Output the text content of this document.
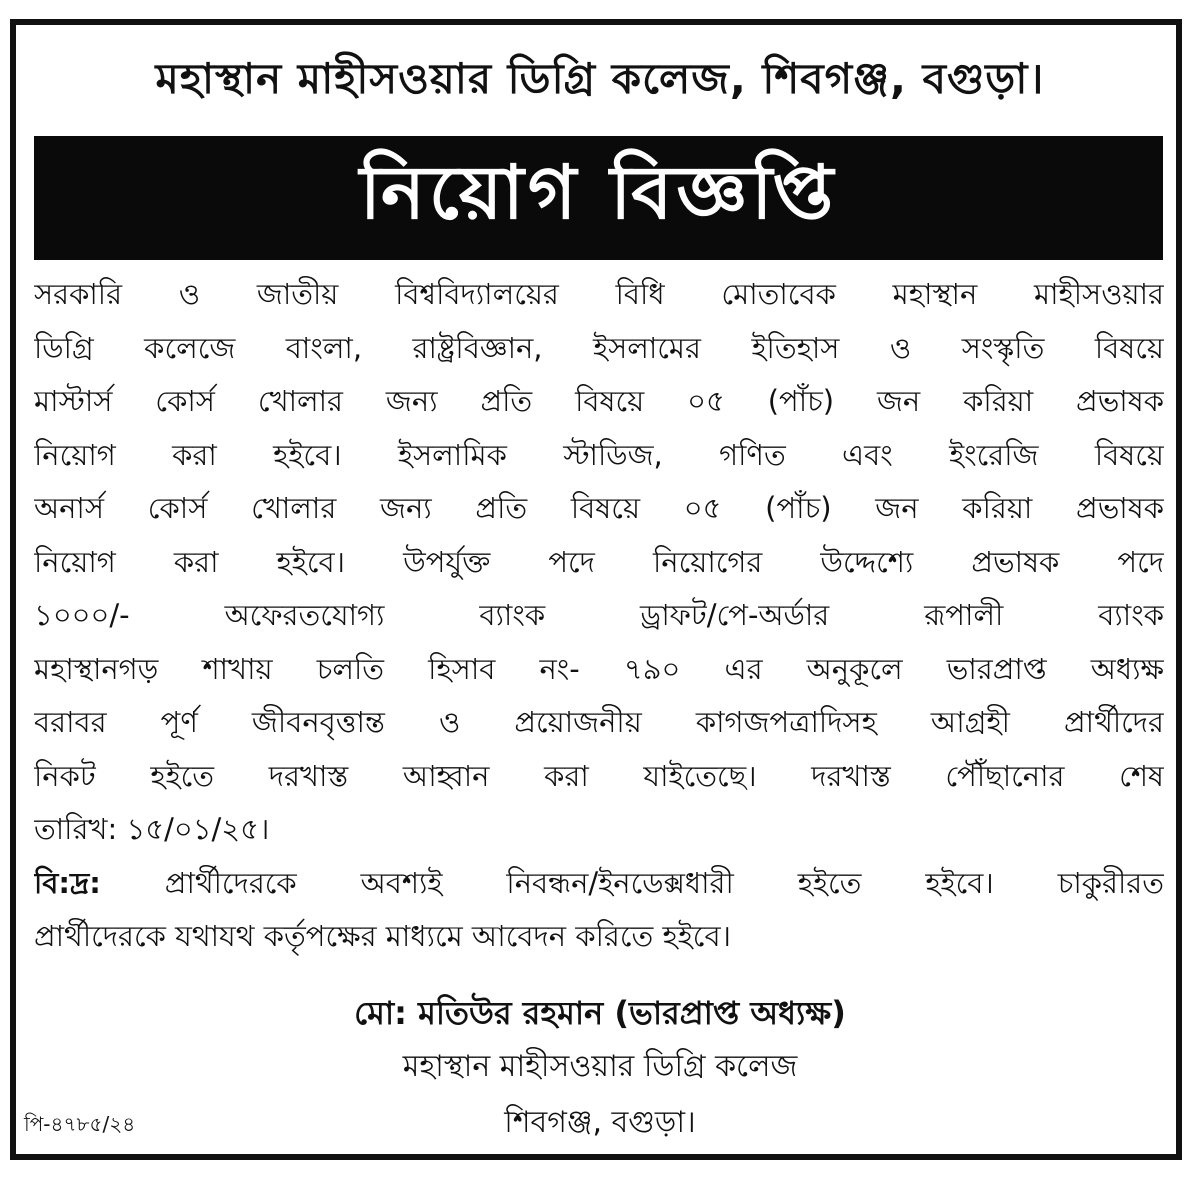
মহাস্থান মাহীসওয়ার ডিগ্রি কলেজ, শিবগঞ্জ, বগুড়া।
নিয়োগ বিজ্ঞপ্তি
সরকারি ও জাতীয় বিশ্ববিদ্যালয়ের বিধি মোতাবেক মহাস্থান মাহীসওয়ার
ডিগ্রি কলেজে বাংলা, রাষ্ট্রবিজ্ঞান, ইসলামের ইতিহাস ও সংস্কৃতি বিষয়ে
মাস্টার্স কোর্স খোলার জন্য প্রতি বিষয়ে ০৫ (পাঁচ) জন করিয়া প্রভাষক
নিয়োগ করা হইবে। ইসলামিক স্টাডিজ, গণিত এবং ইংরেজি বিষয়ে
অনার্স কোর্স খোলার জন্য প্রতি বিষয়ে ০৫ (পাঁচ) জন করিয়া প্রভাষক
নিয়োগ করা হইবে। উপর্যুক্ত পদে নিয়োগের উদ্দেশ্যে প্রভাষক পদে
১০০০/- অফেরতযোগ্য ব্যাংক ড্রাফট/পে-অর্ডার রূপালী ব্যাংক
মহাস্থানগড় শাখায় চলতি হিসাব নং- ৭৯০ এর অনুকূলে ভারপ্রাপ্ত অধ্যক্ষ
বরাবর পূর্ণ জীবনবৃত্তান্ত ও প্রয়োজনীয় কাগজপত্রাদিসহ আগ্রহী প্রার্থীদের
নিকট হইতে দরখাস্ত আহ্বান করা যাইতেছে। দরখাস্ত পৌঁছানোর শেষ
তারিখ: ১৫/০১/২৫।
বি:দ্র: প্রার্থীদেরকে অবশ্যই নিবন্ধন/ইনডেক্সধারী হইতে হইবে। চাকুরীরত
প্রার্থীদেরকে যথাযথ কর্তৃপক্ষের মাধ্যমে আবেদন করিতে হইবে।
মো: মতিউর রহমান (ভারপ্রাপ্ত অধ্যক্ষ)
মহাস্থান মাহীসওয়ার ডিগ্রি কলেজ
শিবগঞ্জ, বগুড়া।
পি-৪৭৮৫/২৪
